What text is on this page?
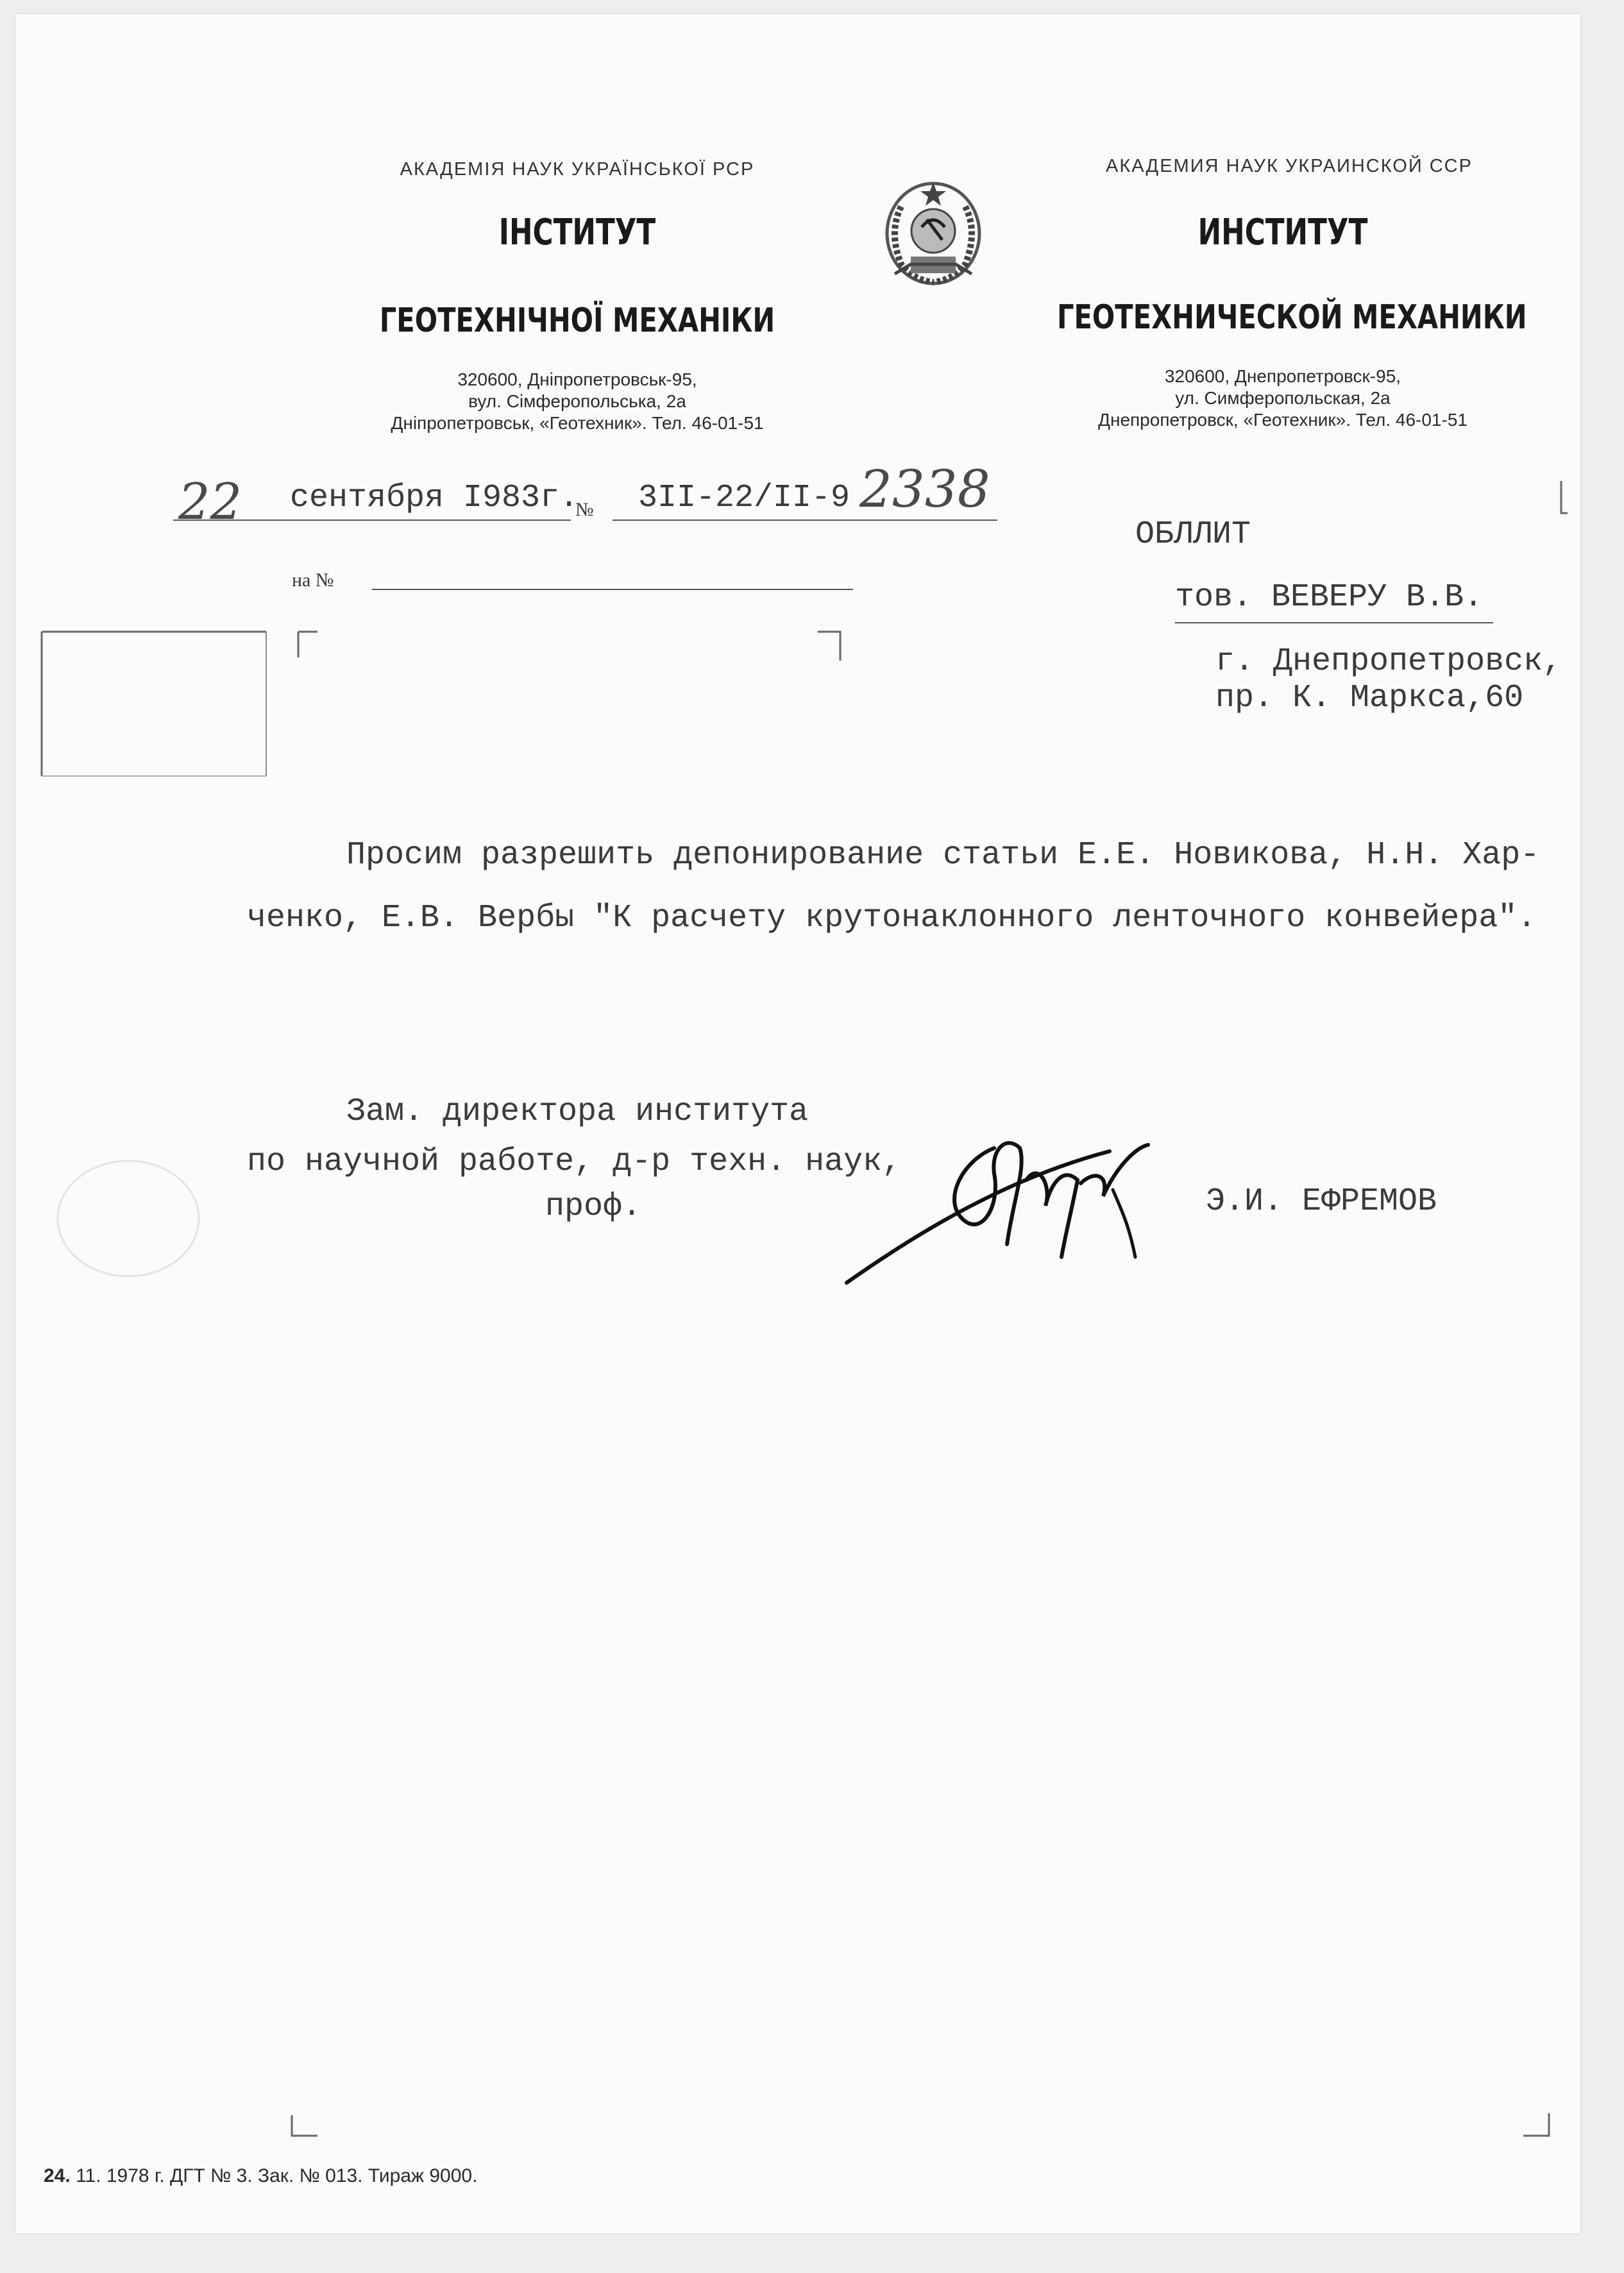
АКАДЕМІЯ НАУК УКРАЇНСЬКОЇ РСР
ІНСТИТУТ
ГЕОТЕХНІЧНОЇ МЕХАНІКИ
320600, Дніпропетровськ-95,
вул. Сімферопольська, 2а
Дніпропетровськ, «Геотехник». Тел. 46-01-51
АКАДЕМИЯ НАУК УКРАИНСКОЙ ССР
ИНСТИТУТ
ГЕОТЕХНИЧЕСКОЙ МЕХАНИКИ
320600, Днепропетровск-95,
ул. Симферопольская, 2а
Днепропетровск, «Геотехник». Тел. 46-01-51
22 сентября I983г.
№ 3II-22/II-9 2338
на №
ОБЛЛИТ
тов. ВЕВЕРУ В.В.
г. Днепропетровск,
пр. К. Маркса,60
Просим разрешить депонирование статьи Е.Е. Новикова, Н.Н. Хар-
ченко, Е.В. Вербы "К расчету крутонаклонного ленточного конвейера".
Зам. директора института
по научной работе, д-р техн. наук,
проф.	Э.И. ЕФРЕМОВ
24. 11. 1978 г. ДГТ № 3. Зак. № 013. Тираж 9000.
